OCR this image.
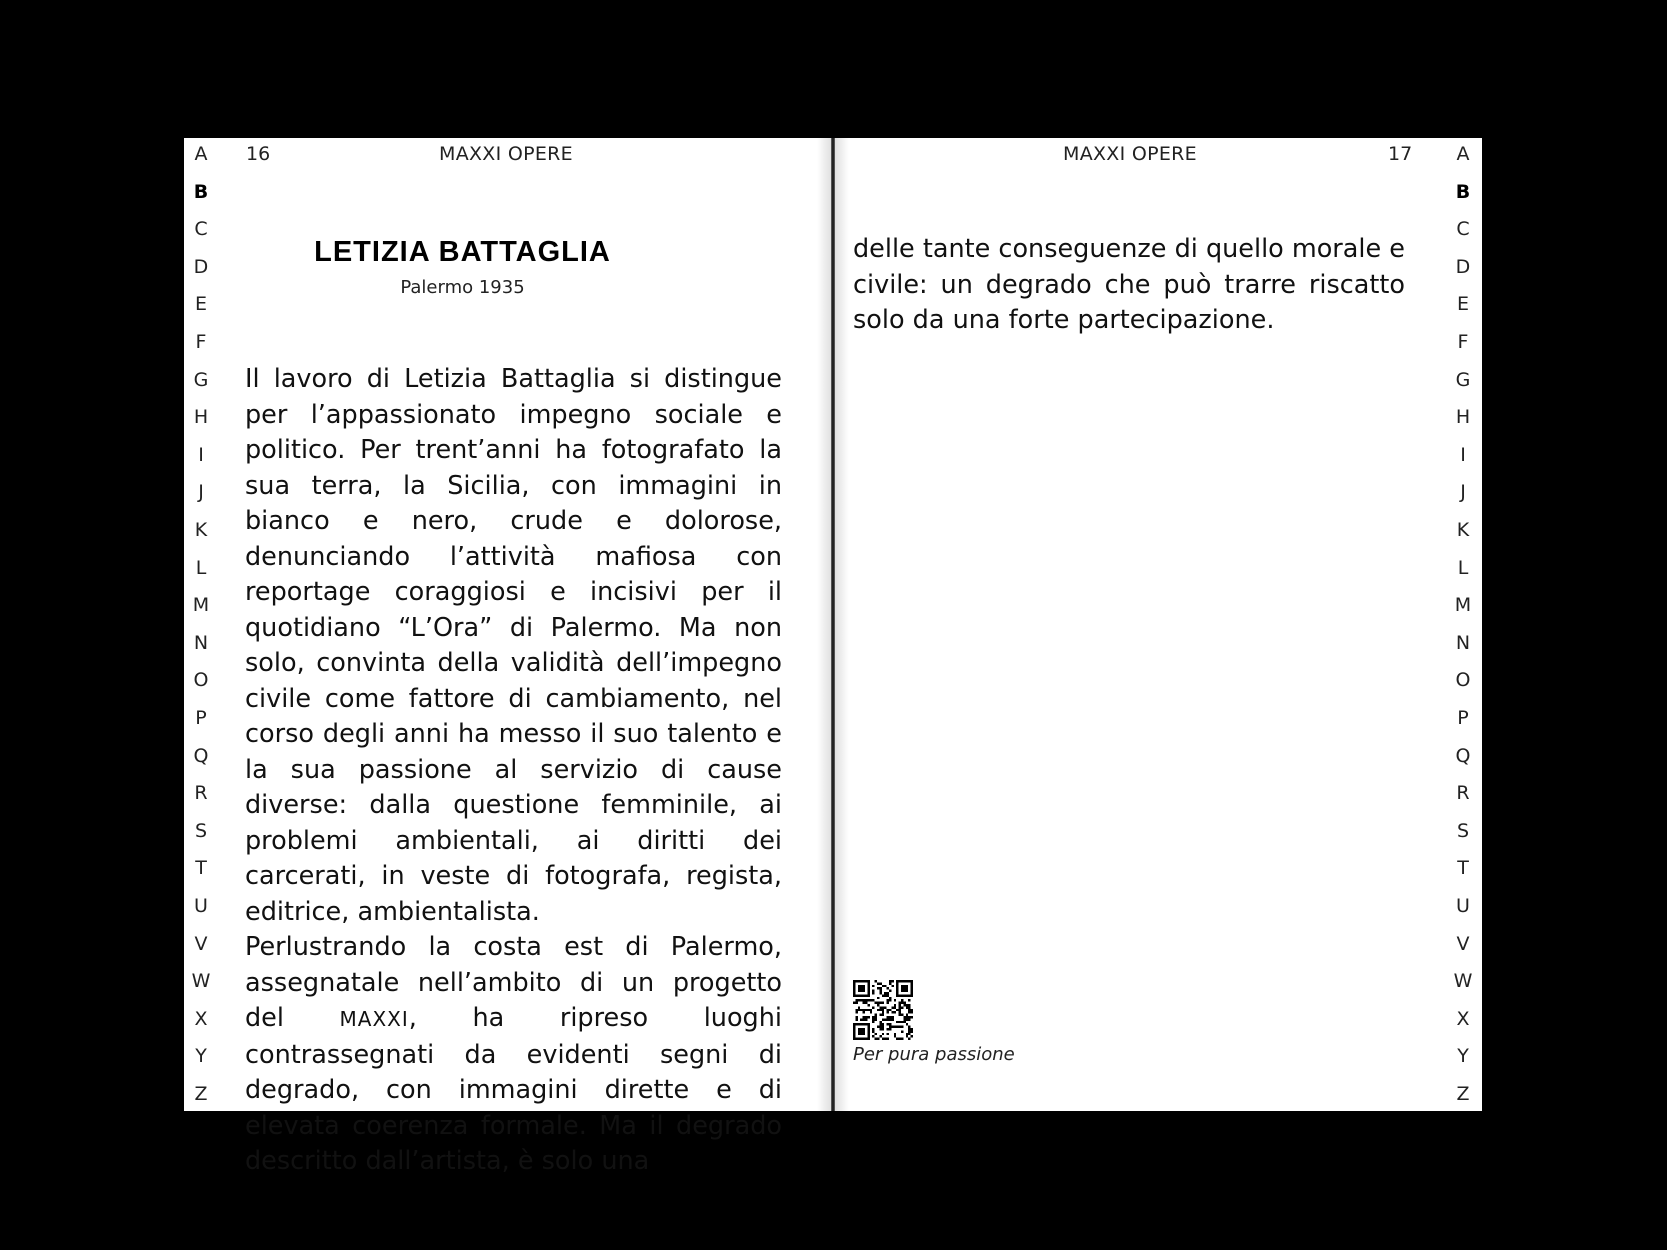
A
B
C
D
E
F
G
H
I
J
K
L
M
N
O
P
Q
R
S
T
U
V
W
X
Y
Z
16	MAXXI OPERE
LETIZIA BATTAGLIA

Palermo 1935

Il lavoro di Letizia Battaglia si distingue per l’appassionato impegno sociale e politico. Per trent’anni ha fotografato la sua terra, la Sicilia, con immagini in bianco e nero, crude e dolorose, denunciando l’attività mafiosa con reportage coraggiosi e incisivi per il quotidiano “L’Ora” di Palermo. Ma non solo, convinta della validità dell’impegno civile come fattore di cambiamento, nel corso degli anni ha messo il suo talento e la sua passione al servizio di cause diverse: dalla questione femminile, ai problemi ambientali, ai diritti dei carcerati, in veste di fotografa, regista, editrice, ambientalista.

Perlustrando la costa est di Palermo, assegnatale nell’ambito di un progetto del MAXXI, ha ripreso luoghi contrassegnati da evidenti segni di degrado, con immagini dirette e di elevata coerenza formale. Ma il degrado descritto dall’artista, è solo una

A
B
C
D
E
F
G
H
I
J
K
L
M
N
O
P
Q
R
S
T
U
V
W
X
Y
Z
MAXXI OPERE	17

delle tante conseguenze di quello morale e civile: un degrado che può trarre riscatto solo da una forte partecipazione.

Per pura passione
